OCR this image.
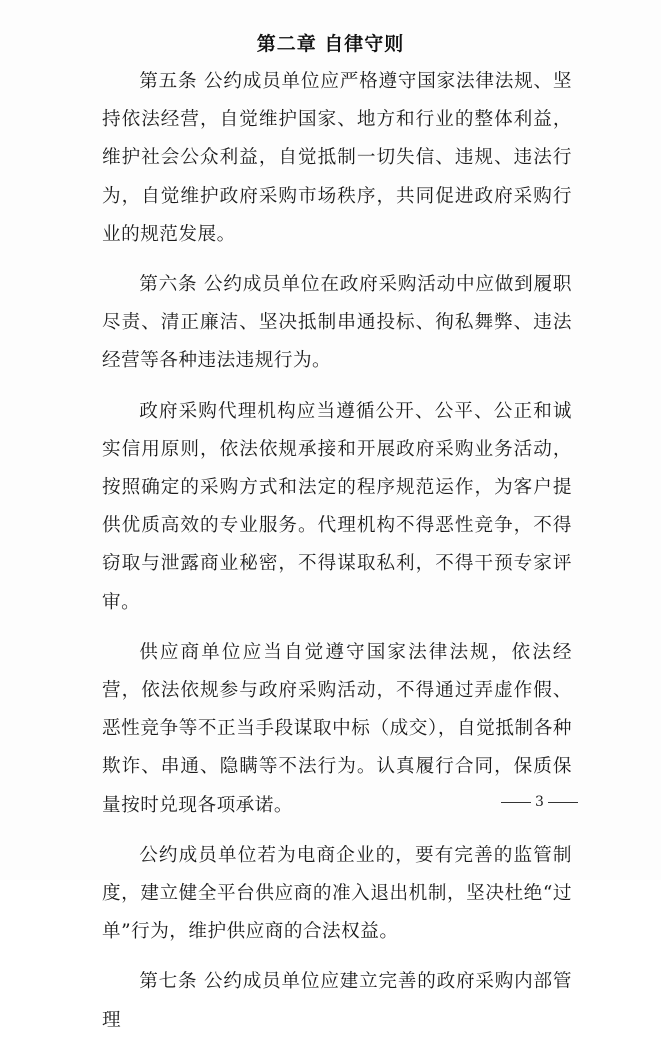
第二章 自律守则

第五条 公约成员单位应严格遵守国家法律法规、坚持依法经营，自觉维护国家、地方和行业的整体利益，维护社会公众利益，自觉抵制一切失信、违规、违法行为，自觉维护政府采购市场秩序，共同促进政府采购行业的规范发展。

第六条 公约成员单位在政府采购活动中应做到履职尽责、清正廉洁、坚决抵制串通投标、徇私舞弊、违法经营等各种违法违规行为。

政府采购代理机构应当遵循公开、公平、公正和诚实信用原则，依法依规承接和开展政府采购业务活动，按照确定的采购方式和法定的程序规范运作，为客户提供优质高效的专业服务。代理机构不得恶性竞争，不得窃取与泄露商业秘密，不得谋取私利，不得干预专家评审。

供应商单位应当自觉遵守国家法律法规，依法经营，依法依规参与政府采购活动，不得通过弄虚作假、恶性竞争等不正当手段谋取中标（成交），自觉抵制各种欺诈、串通、隐瞒等不法行为。认真履行合同，保质保量按时兑现各项承诺。

公约成员单位若为电商企业的，要有完善的监管制度，建立健全平台供应商的准入退出机制，坚决杜绝“过单”行为，维护供应商的合法权益。

第七条 公约成员单位应建立完善的政府采购内部管理

3
